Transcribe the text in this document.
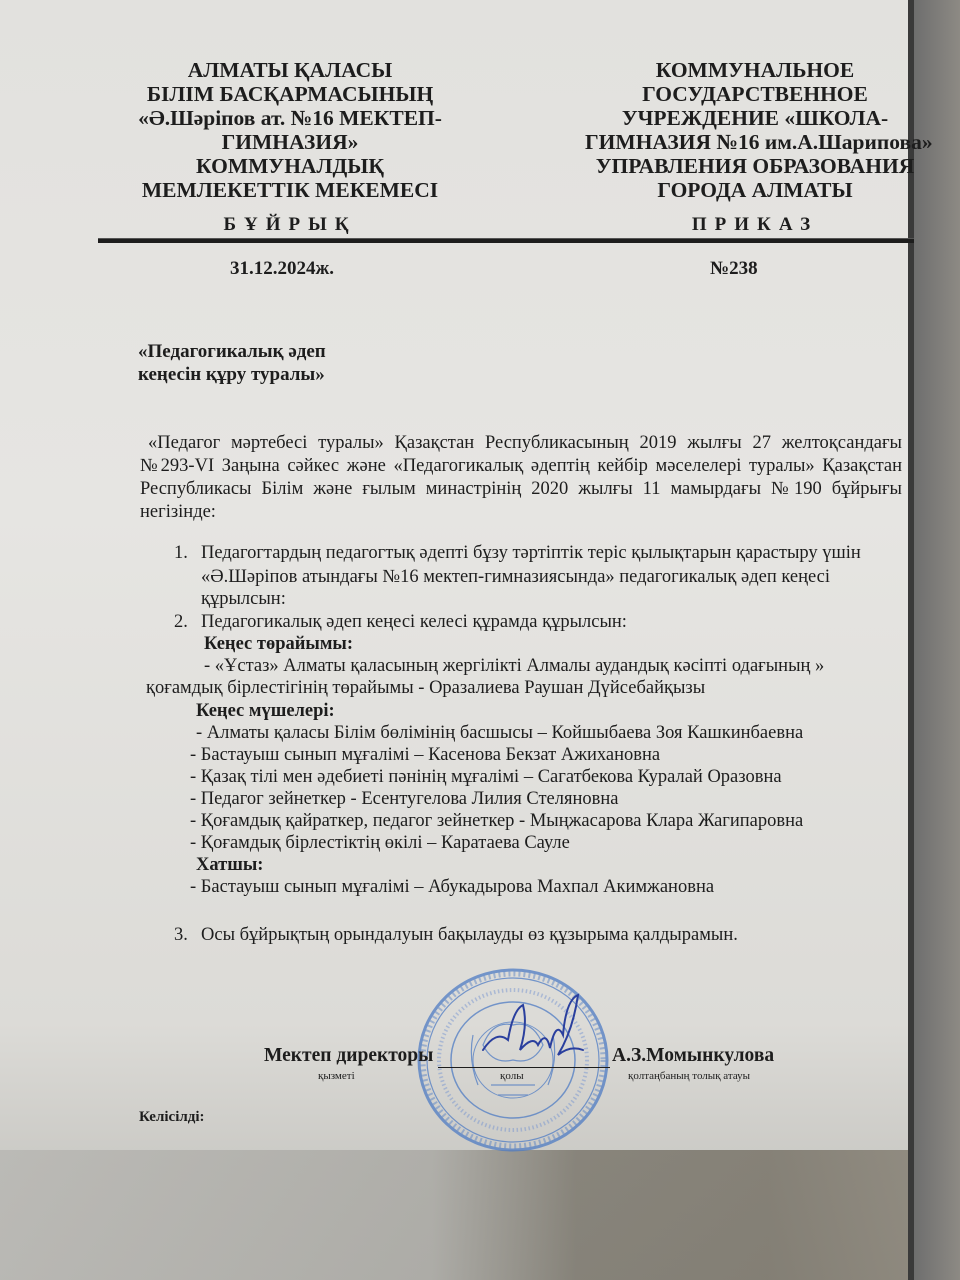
АЛМАТЫ ҚАЛАСЫ
БІЛІМ БАСҚАРМАСЫНЫҢ
«Ә.Шәріпов ат. №16 МЕКТЕП-
ГИМНАЗИЯ»
КОММУНАЛДЫҚ
МЕМЛЕКЕТТІК МЕКЕМЕСІ
КОММУНАЛЬНОЕ
ГОСУДАРСТВЕННОЕ
УЧРЕЖДЕНИЕ «ШКОЛА-
ГИМНАЗИЯ №16 им.А.Шарипова»
УПРАВЛЕНИЯ ОБРАЗОВАНИЯ
ГОРОДА АЛМАТЫ
БҰЙРЫҚ	ПРИКАЗ
31.12.2024ж.	№238
«Педагогикалық әдеп
кеңесін құру туралы»
«Педагог мәртебесі туралы» Қазақстан Республикасының 2019 жылғы 27 желтоқсандағы №293-VI Заңына сәйкес және «Педагогикалық әдептің кейбір мәселелері туралы» Қазақстан Республикасы Білім және ғылым минастрінің 2020 жылғы 11 мамырдағы №190 бұйрығы негізінде:
1. Педагогтардың педагогтық әдепті бұзу тәртіптік теріс қылықтарын қарастыру үшін
«Ә.Шәріпов атындағы №16 мектеп-гимназиясында» педагогикалық әдеп кеңесі
құрылсын:
2. Педагогикалық әдеп кеңесі келесі құрамда құрылсын:
Кеңес төрайымы:
- «Ұстаз» Алматы қаласының жергілікті Алмалы аудандық кәсіпті одағының »
қоғамдық бірлестігінің төрайымы - Оразалиева Раушан Дүйсебайқызы
Кеңес мүшелері:
- Алматы қаласы Білім бөлімінің басшысы – Койшыбаева Зоя Кашкинбаевна
- Бастауыш сынып мұғалімі – Касенова Бекзат Ажихановна
- Қазақ тілі мен әдебиеті пәнінің мұғалімі – Сагатбекова Куралай Оразовна
- Педагог зейнеткер - Есентугелова Лилия Стеляновна
- Қоғамдық қайраткер, педагог зейнеткер - Мыңжасарова Клара Жагипаровна
- Қоғамдық бірлестіктің өкілі – Каратаева Сауле
Хатшы:
- Бастауыш сынып мұғалімі – Абукадырова Махпал Акимжановна
3. Осы бұйрықтың орындалуын бақылауды өз құзырыма қалдырамын.
Мектеп директоры	А.З.Момынкулова
қызметі	қолы	қолтаңбаның толық атауы
Келісілді:
